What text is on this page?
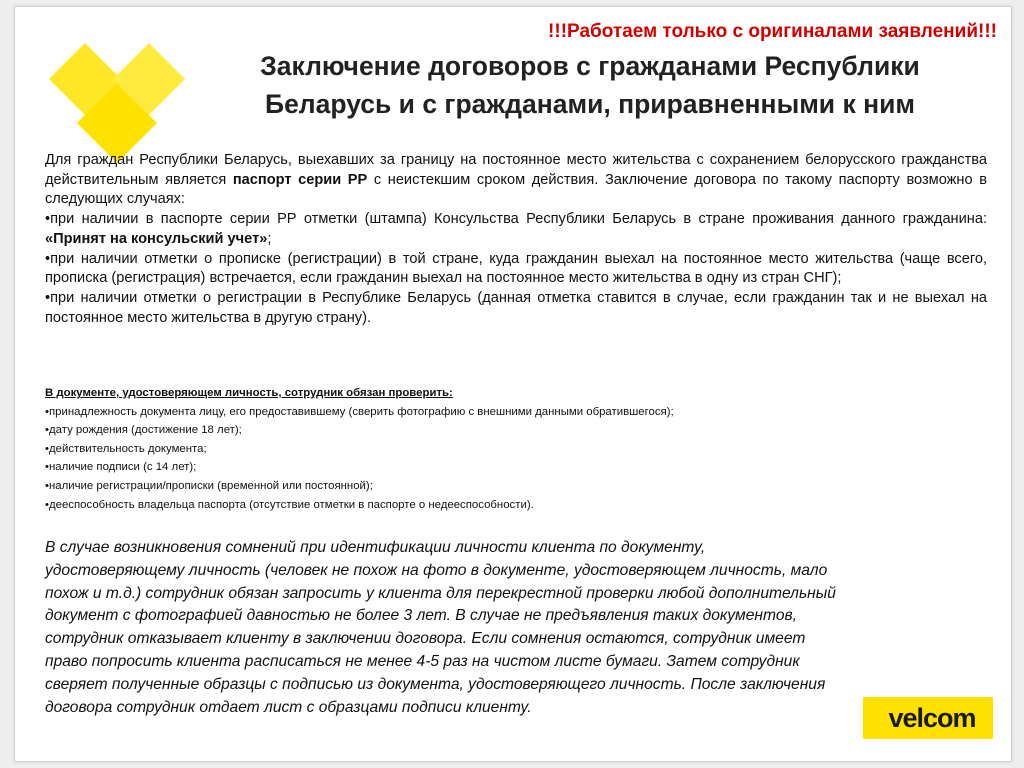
!!!Работаем только с оригиналами заявлений!!!
Заключение договоров с гражданами Республики
Беларусь и с гражданами, приравненными к ним

Для граждан Республики Беларусь, выехавших за границу на постоянное место жительства с сохранением белорусского гражданства действительным является паспорт серии РР с неистекшим сроком действия. Заключение договора по такому паспорту возможно в следующих случаях:

•при наличии в паспорте серии РР отметки (штампа) Консульства Республики Беларусь в стране проживания данного гражданина: «Принят на консульский учет»;

•при наличии отметки о прописке (регистрации) в той стране, куда гражданин выехал на постоянное место жительства (чаще всего, прописка (регистрация) встречается, если гражданин выехал на постоянное место жительства в одну из стран СНГ);

•при наличии отметки о регистрации в Республике Беларусь (данная отметка ставится в случае, если гражданин так и не выехал на постоянное место жительства в другую страну).

В документе, удостоверяющем личность, сотрудник обязан проверить:
•принадлежность документа лицу, его предоставившему (сверить фотографию с внешними данными обратившегося);
•дату рождения (достижение 18 лет);
•действительность документа;
•наличие подписи (с 14 лет);
•наличие регистрации/прописки (временной или постоянной);
•дееспособность владельца паспорта (отсутствие отметки в паспорте о недееспособности).
В случае возникновения сомнений при идентификации личности клиента по документу,
удостоверяющему личность (человек не похож на фото в документе, удостоверяющем личность, мало
похож и т.д.) сотрудник обязан запросить у клиента для перекрестной проверки любой дополнительный
документ с фотографией давностью не более 3 лет. В случае не предъявления таких документов,
сотрудник отказывает клиенту в заключении договора. Если сомнения остаются, сотрудник имеет
право попросить клиента расписаться не менее 4-5 раз на чистом листе бумаги. Затем сотрудник
сверяет полученные образцы с подписью из документа, удостоверяющего личность. После заключения
договора сотрудник отдает лист с образцами подписи клиенту.	velcom
